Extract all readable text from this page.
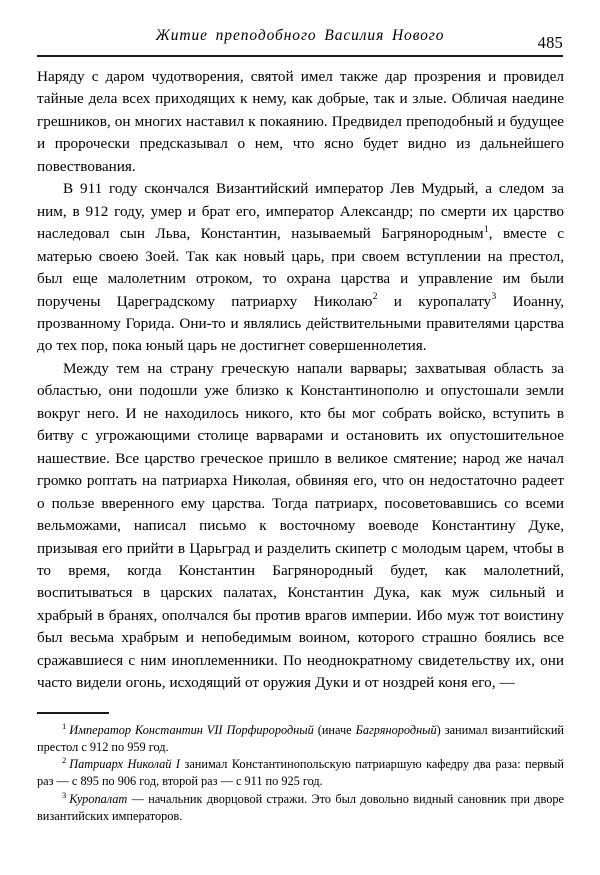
Житие преподобного Василия Нового	485

Наряду с даром чудотворения, святой имел также дар прозрения и провидел тайные дела всех приходящих к нему, как добрые, так и злые. Обличая наедине грешников, он многих наставил к покаянию. Предвидел преподобный и будущее и пророчески предсказывал о нем, что ясно будет видно из дальнейшего повествования.

В 911 году скончался Византийский император Лев Мудрый, а следом за ним, в 912 году, умер и брат его, император Александр; по смерти их царство наследовал сын Льва, Константин, называемый Багрянородным$^1$, вместе с матерью своею Зоей. Так как новый царь, при своем вступлении на престол, был еще малолетним отроком, то охрана царства и управление им были поручены Цареградскому патриарху Николаю$^2$ и куропалату$^3$ Иоанну, прозванному Горида. Они-то и являлись действительными правителями царства до тех пор, пока юный царь не достигнет совершеннолетия.

Между тем на страну греческую напали варвары; захватывая область за областью, они подошли уже близко к Константинополю и опустошали земли вокруг него. И не находилось никого, кто бы мог собрать войско, вступить в битву с угрожающими столице варварами и остановить их опустошительное нашествие. Все царство греческое пришло в великое смятение; народ же начал громко роптать на патриарха Николая, обвиняя его, что он недостаточно радеет о пользе вверенного ему царства. Тогда патриарх, посоветовавшись со всеми вельможами, написал письмо к восточному воеводе Константину Дуке, призывая его прийти в Царьград и разделить скипетр с молодым царем, чтобы в то время, когда Константин Багрянородный будет, как малолетний, воспитываться в царских палатах, Константин Дука, как муж сильный и храбрый в бранях, ополчался бы против врагов империи. Ибо муж тот воистину был весьма храбрым и непобедимым воином, которого страшно боялись все сражавшиеся с ним иноплеменники. По неоднократному свидетельству их, они часто видели огонь, исходящий от оружия Дуки и от ноздрей коня его, —

$^1$ Император Константин VII Порфирородный (иначе Багрянородный) занимал византийский престол с 912 по 959 год.

$^2$ Патриарх Николай I занимал Константинопольскую патриаршую кафедру два раза: первый раз — с 895 по 906 год, второй раз — с 911 по 925 год.

$^3$ Куропалат — начальник дворцовой стражи. Это был довольно видный сановник при дворе византийских императоров.
